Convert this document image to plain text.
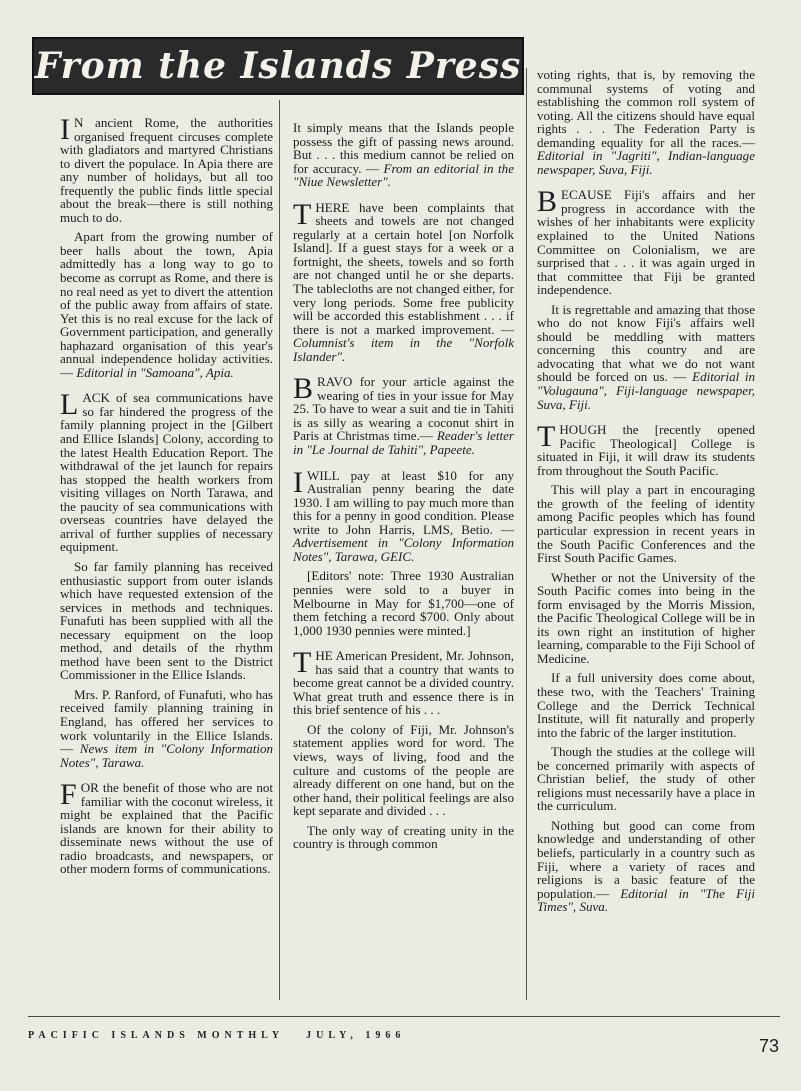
From the Islands Press

I N ancient Rome, the authorities organised frequent circuses complete with gladiators and martyred Christians to divert the populace. In Apia there are any number of holidays, but all too frequently the public finds little special about the break—there is still nothing much to do.

Apart from the growing number of beer halls about the town, Apia admittedly has a long way to go to become as corrupt as Rome, and there is no real need as yet to divert the attention of the public away from affairs of state. Yet this is no real excuse for the lack of Government participation, and generally haphazard organisation of this year's annual independence holiday activities. — Editorial in "Samoana", Apia.

LACK of sea communications have so far hindered the progress of the family planning project in the [Gilbert and Ellice Islands] Colony, according to the latest Health Education Report. The withdrawal of the jet launch for repairs has stopped the health workers from visiting villages on North Tarawa, and the paucity of sea communications with overseas countries have delayed the arrival of further supplies of necessary equipment.

So far family planning has received enthusiastic support from outer islands which have requested extension of the services in methods and techniques. Funafuti has been supplied with all the necessary equipment on the loop method, and details of the rhythm method have been sent to the District Commissioner in the Ellice Islands.

Mrs. P. Ranford, of Funafuti, who has received family planning training in England, has offered her services to work voluntarily in the Ellice Islands. — News item in "Colony Information Notes", Tarawa.

FOR the benefit of those who are not familiar with the coconut wireless, it might be explained that the Pacific islands are known for their ability to disseminate news without the use of radio broadcasts, and newspapers, or other modern forms of communications.

It simply means that the Islands people possess the gift of passing news around. But . . . this medium cannot be relied on for accuracy. — From an editorial in the "Niue Newsletter".

THERE have been complaints that sheets and towels are not changed regularly at a certain hotel [on Norfolk Island]. If a guest stays for a week or a fortnight, the sheets, towels and so forth are not changed until he or she departs. The tablecloths are not changed either, for very long periods. Some free publicity will be accorded this establishment . . . if there is not a marked improvement. — Columnist's item in the "Norfolk Islander".

BRAVO for your article against the wearing of ties in your issue for May 25. To have to wear a suit and tie in Tahiti is as silly as wearing a coconut shirt in Paris at Christmas time.— Reader's letter in "Le Journal de Tahiti", Papeete.

I WILL pay at least $10 for any Australian penny bearing the date 1930. I am willing to pay much more than this for a penny in good condition. Please write to John Harris, LMS, Betio. — Advertisement in "Colony Information Notes", Tarawa, GEIC.

[Editors' note: Three 1930 Australian pennies were sold to a buyer in Melbourne in May for $1,700—one of them fetching a record $700. Only about 1,000 1930 pennies were minted.]

THE American President, Mr. Johnson, has said that a country that wants to become great cannot be a divided country. What great truth and essence there is in this brief sentence of his . . .

Of the colony of Fiji, Mr. Johnson's statement applies word for word. The views, ways of living, food and the culture and customs of the people are already different on one hand, but on the other hand, their political feelings are also kept separate and divided . . .

The only way of creating unity in the country is through common

voting rights, that is, by removing the communal systems of voting and establishing the common roll system of voting. All the citizens should have equal rights . . . The Federation Party is demanding equality for all the races.— Editorial in "Jagriti", Indian-language newspaper, Suva, Fiji.

BECAUSE Fiji's affairs and her progress in accordance with the wishes of her inhabitants were explicity explained to the United Nations Committee on Colonialism, we are surprised that . . . it was again urged in that committee that Fiji be granted independence.

It is regrettable and amazing that those who do not know Fiji's affairs well should be meddling with matters concerning this country and are advocating that what we do not want should be forced on us. — Editorial in "Volugauna", Fiji-language newspaper, Suva, Fiji.

THOUGH the [recently opened Pacific Theological] College is situated in Fiji, it will draw its students from throughout the South Pacific.

This will play a part in encouraging the growth of the feeling of identity among Pacific peoples which has found particular expression in recent years in the South Pacific Conferences and the First South Pacific Games.

Whether or not the University of the South Pacific comes into being in the form envisaged by the Morris Mission, the Pacific Theological College will be in its own right an institution of higher learning, comparable to the Fiji School of Medicine.

If a full university does come about, these two, with the Teachers' Training College and the Derrick Technical Institute, will fit naturally and properly into the fabric of the larger institution.

Though the studies at the college will be concerned primarily with aspects of Christian belief, the study of other religions must necessarily have a place in the curriculum.

Nothing but good can come from knowledge and understanding of other beliefs, particularly in a country such as Fiji, where a variety of races and religions is a basic feature of the population.— Editorial in "The Fiji Times", Suva.

PACIFIC ISLANDS MONTHLY JULY, 1966
73
